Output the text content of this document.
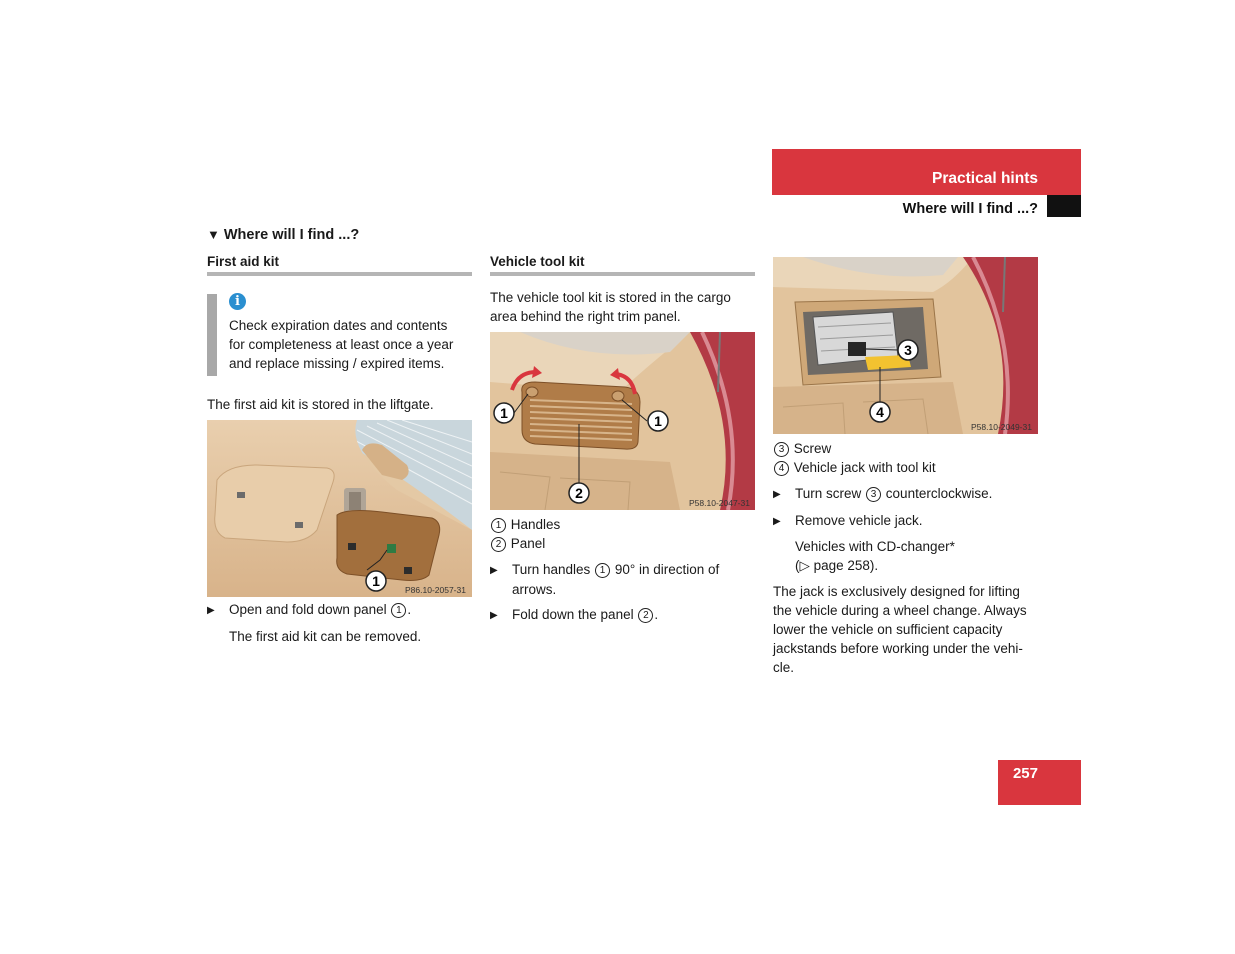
Practical hints
Where will I find ...?
▼ Where will I find ...?
First aid kit
i
Check expiration dates and contents
for completeness at least once a year
and replace missing / expired items.
The first aid kit is stored in the liftgate.
1
P86.10-2057-31
▶ Open and fold down panel 1 .
The first aid kit can be removed.
Vehicle tool kit
The vehicle tool kit is stored in the cargo
area behind the right trim panel.
1	1
2
P58.10-2047-31
1 Handles
2 Panel
▶ Turn handles 1 90° in direction of
arrows.
▶ Fold down the panel 2 .
3
4
P58.10-2049-31
3 Screw
4 Vehicle jack with tool kit
▶ Turn screw 3 counterclockwise.
▶ Remove vehicle jack.
Vehicles with CD-changer*
(▷ page 258).
The jack is exclusively designed for lifting
the vehicle during a wheel change. Always
lower the vehicle on sufficient capacity
jackstands before working under the vehi-
cle.
257
